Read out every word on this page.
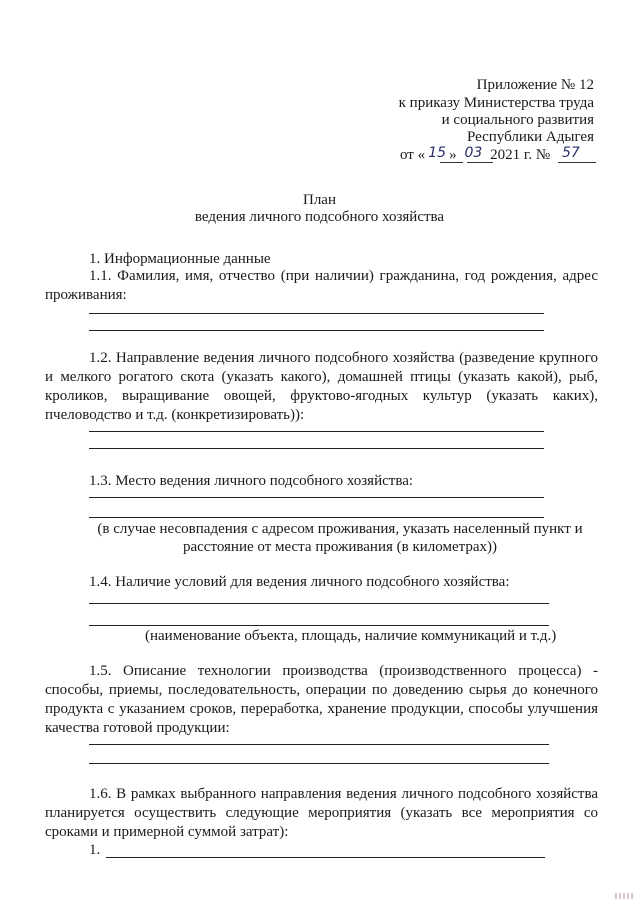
Приложение № 12
к приказу Министерства труда
и социального развития
Республики Адыгея
от « 15 » 03 2021 г. № 57
План
ведения личного подсобного хозяйства
1. Информационные данные
1.1. Фамилия, имя, отчество (при наличии) гражданина, год рождения, адрес
проживания:
1.2. Направление ведения личного подсобного хозяйства (разведение крупного
и мелкого рогатого скота (указать какого), домашней птицы (указать какой), рыб,
кроликов, выращивание овощей, фруктово-ягодных культур (указать каких),
пчеловодство и т.д. (конкретизировать)):
1.3. Место ведения личного подсобного хозяйства:
(в случае несовпадения с адресом проживания, указать населенный пункт и
расстояние от места проживания (в километрах))
1.4. Наличие условий для ведения личного подсобного хозяйства:
(наименование объекта, площадь, наличие коммуникаций и т.д.)
1.5. Описание технологии производства (производственного процесса) -
способы, приемы, последовательность, операции по доведению сырья до конечного
продукта с указанием сроков, переработка, хранение продукции, способы улучшения
качества готовой продукции:
1.6. В рамках выбранного направления ведения личного подсобного хозяйства
планируется осуществить следующие мероприятия (указать все мероприятия со
сроками и примерной суммой затрат):
1.
